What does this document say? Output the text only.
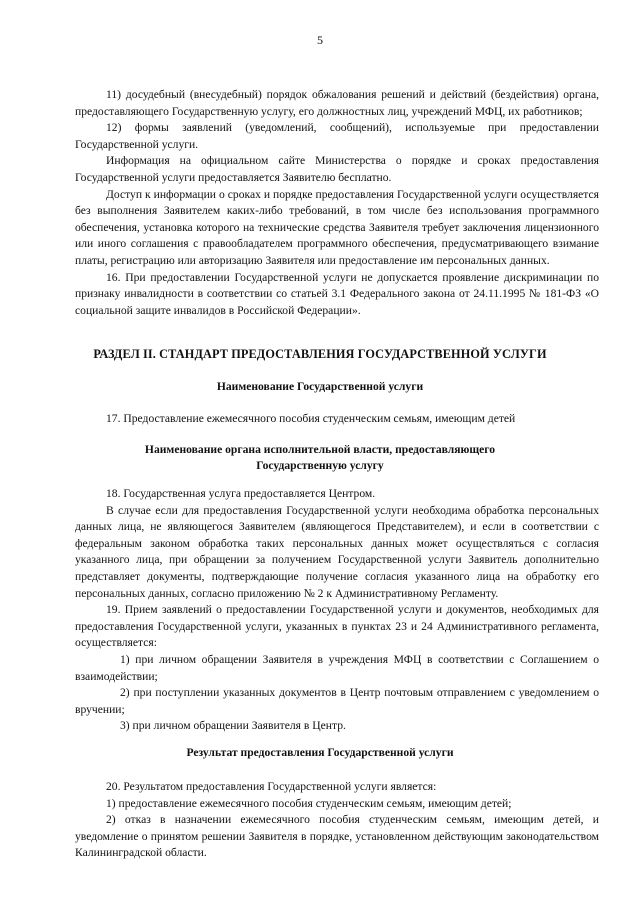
5

11) досудебный (внесудебный) порядок обжалования решений и действий (бездействия) органа, предоставляющего Государственную услугу, его должностных лиц, учреждений МФЦ, их работников;

12) формы заявлений (уведомлений, сообщений), используемые при предоставлении Государственной услуги.

Информация на официальном сайте Министерства о порядке и сроках предоставления Государственной услуги предоставляется Заявителю бесплатно.

Доступ к информации о сроках и порядке предоставления Государственной услуги осуществляется без выполнения Заявителем каких-либо требований, в том числе без использования программного обеспечения, установка которого на технические средства Заявителя требует заключения лицензионного или иного соглашения с правообладателем программного обеспечения, предусматривающего взимание платы, регистрацию или авторизацию Заявителя или предоставление им персональных данных.

16. При предоставлении Государственной услуги не допускается проявление дискриминации по признаку инвалидности в соответствии со статьей 3.1 Федерального закона от 24.11.1995 № 181-ФЗ «О социальной защите инвалидов в Российской Федерации».

РАЗДЕЛ II. СТАНДАРТ ПРЕДОСТАВЛЕНИЯ ГОСУДАРСТВЕННОЙ УСЛУГИ
Наименование Государственной услуги

17. Предоставление ежемесячного пособия студенческим семьям, имеющим детей

Наименование органа исполнительной власти, предоставляющего
Государственную услугу

18. Государственная услуга предоставляется Центром.

В случае если для предоставления Государственной услуги необходима обработка персональных данных лица, не являющегося Заявителем (являющегося Представителем), и если в соответствии с федеральным законом обработка таких персональных данных может осуществляться с согласия указанного лица, при обращении за получением Государственной услуги Заявитель дополнительно представляет документы, подтверждающие получение согласия указанного лица на обработку его персональных данных, согласно приложению № 2 к Административному Регламенту.

19. Прием заявлений о предоставлении Государственной услуги и документов, необходимых для предоставления Государственной услуги, указанных в пунктах 23 и 24 Административного регламента, осуществляется:

1) при личном обращении Заявителя в учреждения МФЦ в соответствии с Соглашением о взаимодействии;

2) при поступлении указанных документов в Центр почтовым отправлением с уведомлением о вручении;

3) при личном обращении Заявителя в Центр.

Результат предоставления Государственной услуги

20. Результатом предоставления Государственной услуги является:

1) предоставление ежемесячного пособия студенческим семьям, имеющим детей;

2) отказ в назначении ежемесячного пособия студенческим семьям, имеющим детей, и уведомление о принятом решении Заявителя в порядке, установленном действующим законодательством Калининградской области.
